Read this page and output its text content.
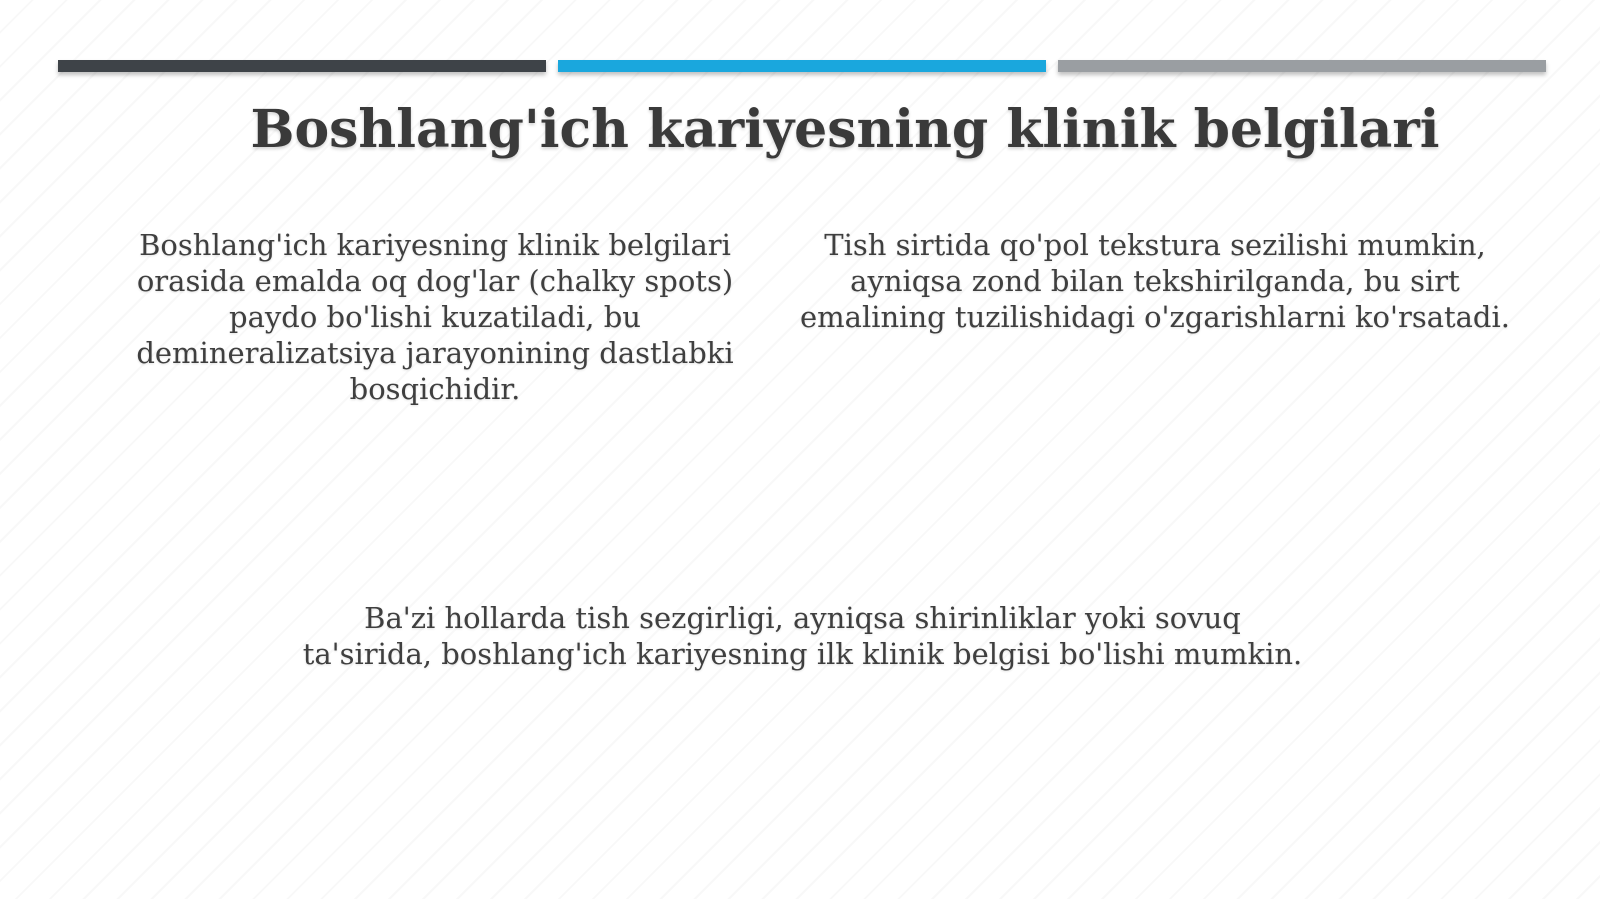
Boshlang'ich kariyesning klinik belgilari
Boshlang'ich kariyesning klinik belgilari orasida emalda oq dog'lar (chalky spots) paydo bo'lishi kuzatiladi, bu demineralizatsiya jarayonining dastlabki bosqichidir.
Tish sirtida qo'pol tekstura sezilishi mumkin, ayniqsa zond bilan tekshirilganda, bu sirt emalining tuzilishidagi o'zgarishlarni ko'rsatadi.
Ba'zi hollarda tish sezgirligi, ayniqsa shirinliklar yoki sovuq ta'sirida, boshlang'ich kariyesning ilk klinik belgisi bo'lishi mumkin.
